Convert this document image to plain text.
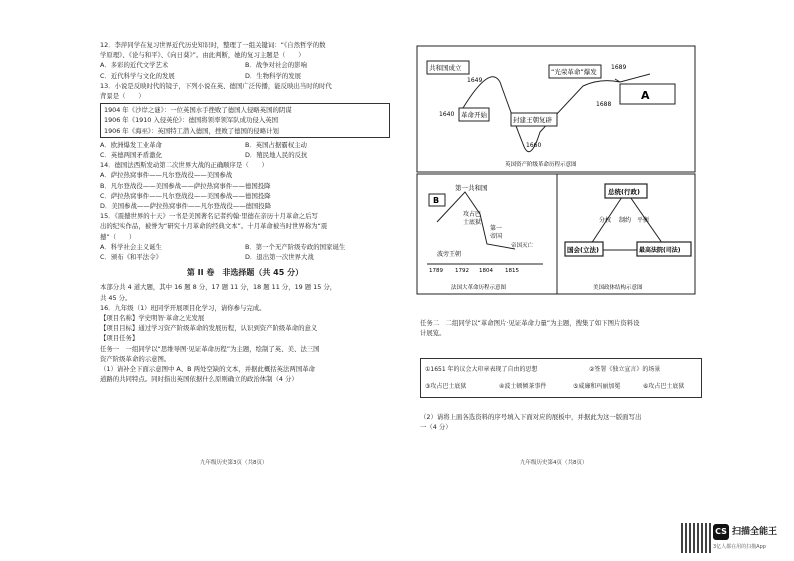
12．李萍同学在复习世界近代历史知识时，整理了一组关键词：“《自然哲学的数
学原理》、《论与和平》、《向日葵》”。由此判断，她的复习主题是（　　）
A．多彩的近代文学艺术	B．战争对社会的影响
C．近代科学与文化的发展	D．生物科学的发展
13．小说是反映时代的镜子，下列小说在英、德国广泛传播，能反映出当时的时代
背景是（　　）
1904 年《沙岸之谜》：一位英国水手挫败了德国人侵略英国的阴谋
1906 年《1910 入侵英伦》：德国将领率领军队成功侵入英国
1906 年《海巫》：英国特工潜入德国，挫败了德国的侵略计划
A．欧洲爆发工业革命	B．英国占据霸权主动
C．英德两国矛盾激化	D．殖民地人民的反抗
14．德国法西斯发动第二次世界大战的正确顺序是（　　）
A．萨拉热窝事件——凡尔登战役——美国参战
B．凡尔登战役——美国参战——萨拉热窝事件——德国投降
C．萨拉热窝事件——凡尔登战役——美国参战——德国投降
D．美国参战——萨拉热窝事件——凡尔登战役——德国投降
15．《震撼世界的十天》一书是美国著名记者约翰·里德在亲历十月革命之后写
出的纪实作品，被誉为“研究十月革命的经典文本”。十月革命被当时世界称为“震
撼”（　　）
A．科学社会主义诞生	B．第一个无产阶级专政的国家诞生
C．颁布《和平法令》	D．退出第一次世界大战
第 II 卷　非选择题（共 45 分）
本部分共 4 道大题，其中 16 题 8 分，17 题 11 分，18 题 11 分，19 题 15 分，
共 45 分。
16．九年级（1）班同学开展项目化学习，请你参与完成。
【项目名称】学史明智·革命之光发展
【项目目标】通过学习资产阶级革命的发展历程，认识到资产阶级革命的意义
【项目任务】
任务一　一组同学以“思维导图·见证革命历程”为主题，绘制了英、美、法三国
资产阶级革命的示意图。
（1）请补全下面示意图中 A、B 两处空缺的文本，并据此概括英法两国革命
道路的共同特点。同时指出英国依据什么原则确立的政治体制（4 分）
九年级历史第3页（共8页）
共和国成立
1649
革命开始
1640
封建王朝复辟
1660
“光荣革命”爆发
1688
1689
A
英国资产阶级革命历程示意图
第一共和国
B
攻占巴
士底狱
第一
帝国
波旁王朝
帝国灭亡
1789 1792 1804 1815
法国大革命历程示意图
总统(行政)
分权 制约 平衡
国会(立法)	最高法院(司法)
美国政体结构示意图
任务二　二组同学以“革命图片·见证革命力量”为主题，搜集了如下图片资料设
计展览。
①1651 年的议会大印章表现了自由的思想	②签署《独立宣言》的场景
③攻占巴士底狱	④波士顿倾茶事件	⑤威廉和玛丽加冕	⑥攻占巴士底狱
（2）请将上面各选资料的序号填入下面对应的展板中，并据此为这一版面写出
一（4 分）
九年级历史第4页（共8页）
CS 扫描全能王
3亿人都在用的扫描App
